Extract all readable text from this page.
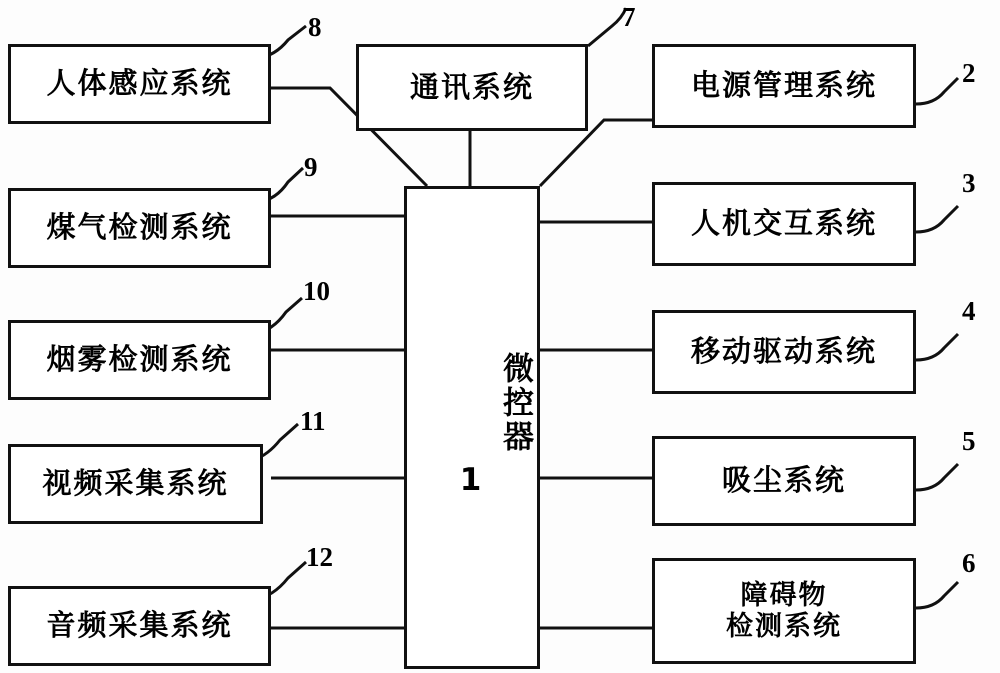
人体感应系统
8
煤气检测系统
9
烟雾检测系统
10
视频采集系统
11
音频采集系统
12
通讯系统
7
微控器
1
电源管理系统	2
人机交互系统
3
移动驱动系统
4
吸尘系统
5
障碍物
检测系统
6
